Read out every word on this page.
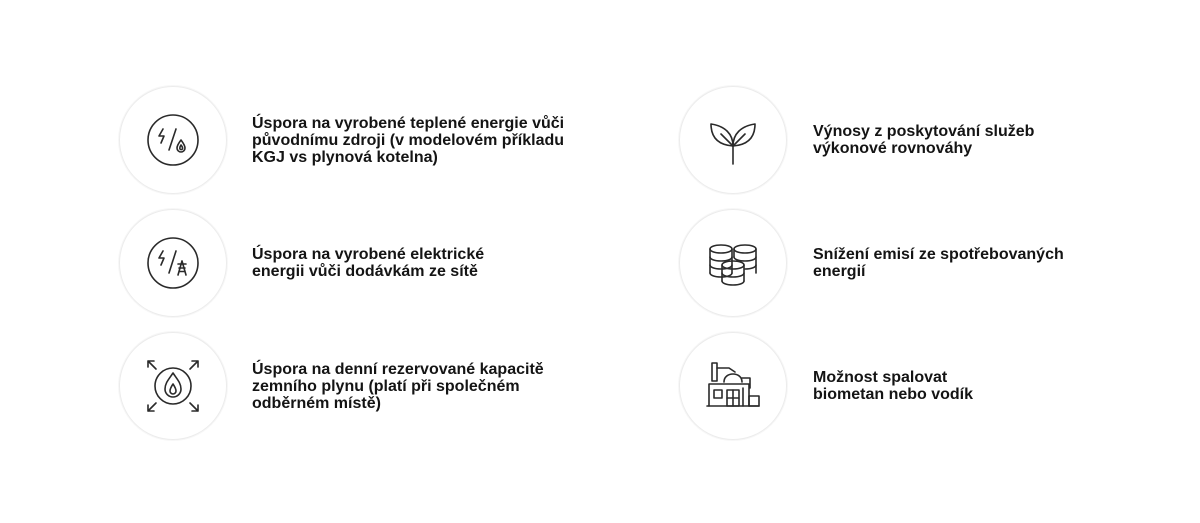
Úspora na vyrobené teplené energie vůči
původnímu zdroji (v modelovém příkladu
KGJ vs plynová kotelna)
Úspora na vyrobené elektrické
energii vůči dodávkám ze sítě
Úspora na denní rezervované kapacitě
zemního plynu (platí při společném
odběrném místě)
Výnosy z poskytování služeb
výkonové rovnováhy
Snížení emisí ze spotřebovaných
energií
Možnost spalovat
biometan nebo vodík
